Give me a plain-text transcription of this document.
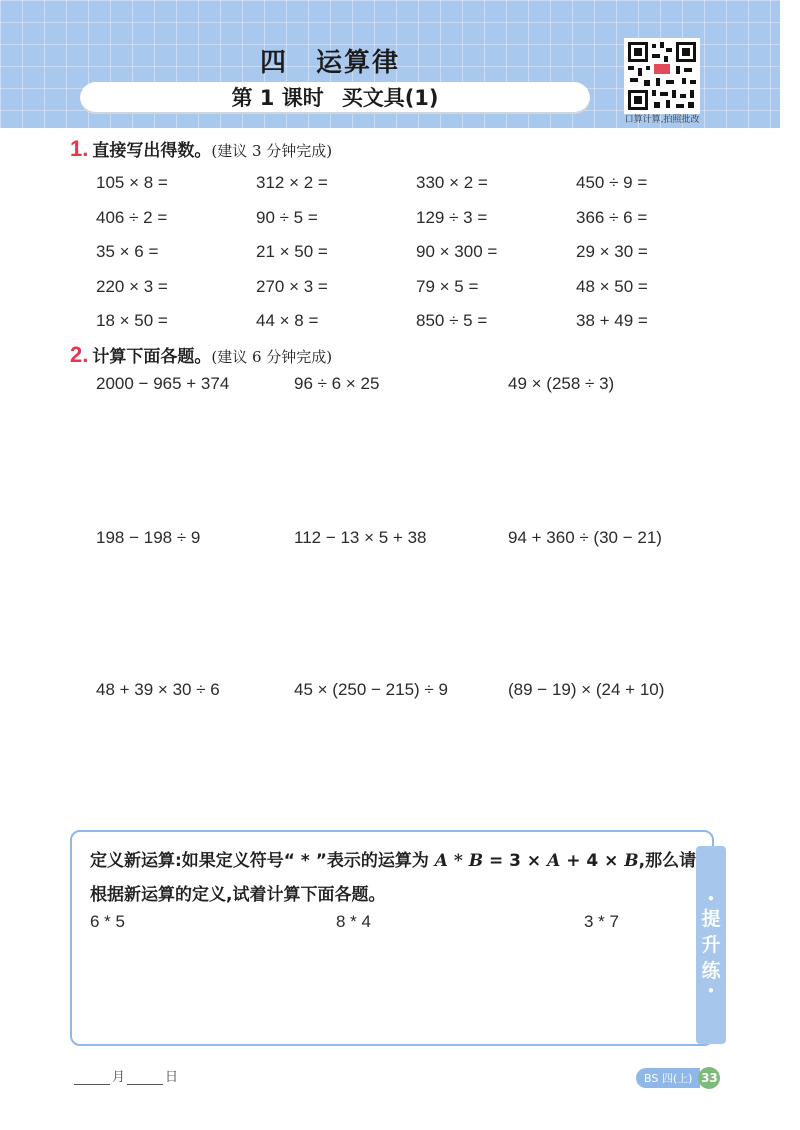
四 运算律
第 1 课时 买文具(1)
口算计算,拍照批改
1. 直接写出得数。(建议 3 分钟完成)
105 × 8 =	312 × 2 =	330 × 2 =	450 ÷ 9 =
406 ÷ 2 =	90 ÷ 5 =	129 ÷ 3 =	366 ÷ 6 =
35 × 6 =	21 × 50 =	90 × 300 =	29 × 30 =
220 × 3 =	270 × 3 =	79 × 5 =	48 × 50 =
18 × 50 =	44 × 8 =	850 ÷ 5 =	38 + 49 =
2. 计算下面各题。(建议 6 分钟完成)
2000 − 965 + 374	96 ÷ 6 × 25	49 × (258 ÷ 3)
198 − 198 ÷ 9	112 − 13 × 5 + 38	94 + 360 ÷ (30 − 21)
48 + 39 × 30 ÷ 6	45 × (250 − 215) ÷ 9	(89 − 19) × (24 + 10)
定义新运算:如果定义符号“ * ”表示的运算为 A * B = 3 × A + 4 × B,那么请根据新运算的定义,试着计算下面各题。
6 * 5	8 * 4	3 * 7
•
提
升
练
•
月	日	BS 四(上) 33
